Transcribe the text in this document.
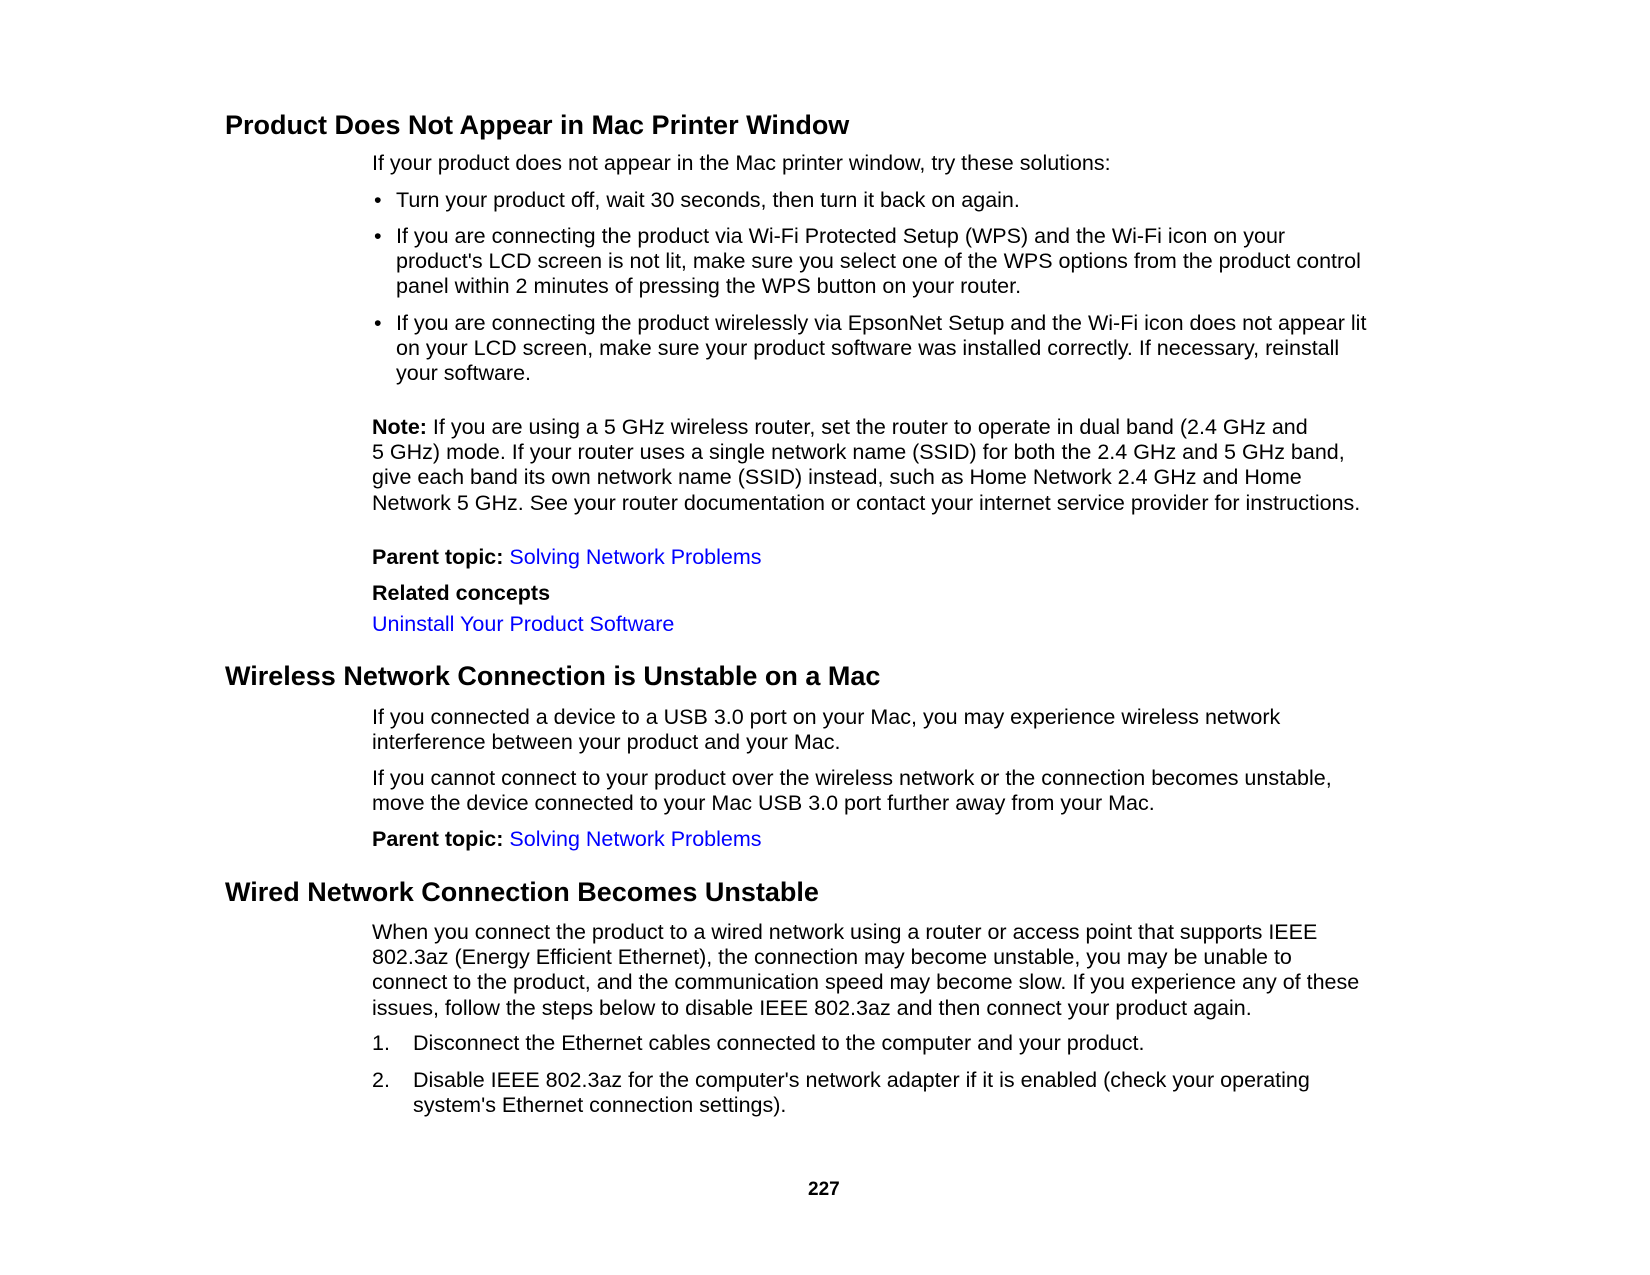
Product Does Not Appear in Mac Printer Window
If your product does not appear in the Mac printer window, try these solutions:
• Turn your product off, wait 30 seconds, then turn it back on again.
• If you are connecting the product via Wi-Fi Protected Setup (WPS) and the Wi-Fi icon on your
product's LCD screen is not lit, make sure you select one of the WPS options from the product control
panel within 2 minutes of pressing the WPS button on your router.
• If you are connecting the product wirelessly via EpsonNet Setup and the Wi-Fi icon does not appear lit
on your LCD screen, make sure your product software was installed correctly. If necessary, reinstall
your software.
Note: If you are using a 5 GHz wireless router, set the router to operate in dual band (2.4 GHz and
5 GHz) mode. If your router uses a single network name (SSID) for both the 2.4 GHz and 5 GHz band,
give each band its own network name (SSID) instead, such as Home Network 2.4 GHz and Home
Network 5 GHz. See your router documentation or contact your internet service provider for instructions.
Parent topic: Solving Network Problems
Related concepts
Uninstall Your Product Software
Wireless Network Connection is Unstable on a Mac
If you connected a device to a USB 3.0 port on your Mac, you may experience wireless network
interference between your product and your Mac.
If you cannot connect to your product over the wireless network or the connection becomes unstable,
move the device connected to your Mac USB 3.0 port further away from your Mac.
Parent topic: Solving Network Problems
Wired Network Connection Becomes Unstable
When you connect the product to a wired network using a router or access point that supports IEEE
802.3az (Energy Efficient Ethernet), the connection may become unstable, you may be unable to
connect to the product, and the communication speed may become slow. If you experience any of these
issues, follow the steps below to disable IEEE 802.3az and then connect your product again.
1. Disconnect the Ethernet cables connected to the computer and your product.
2. Disable IEEE 802.3az for the computer's network adapter if it is enabled (check your operating
system's Ethernet connection settings).
227
